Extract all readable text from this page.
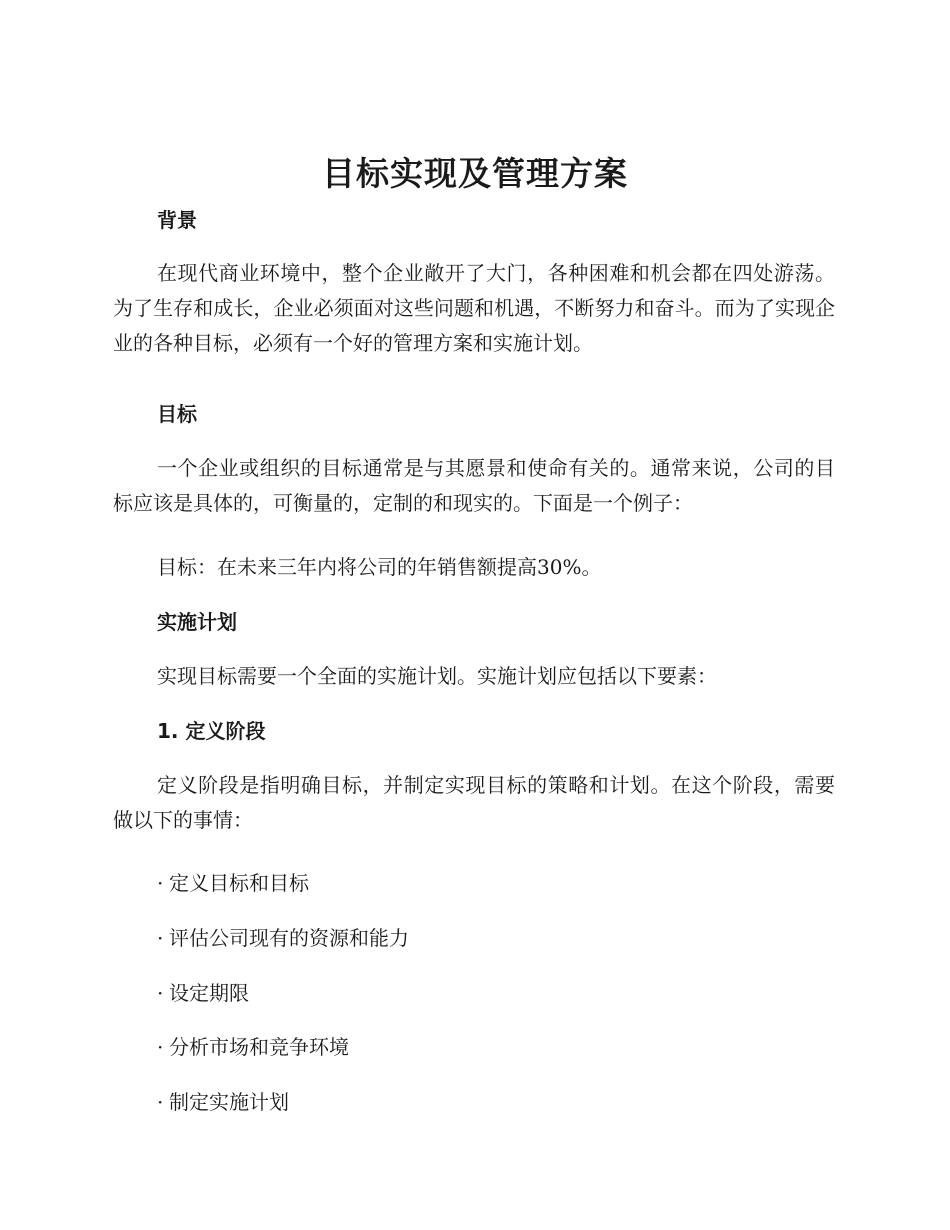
目标实现及管理方案
背景
在现代商业环境中，整个企业敞开了大门，各种困难和机会都在四处游荡。为了生存和成长，企业必须面对这些问题和机遇，不断努力和奋斗。而为了实现企业的各种目标，必须有一个好的管理方案和实施计划。
目标
一个企业或组织的目标通常是与其愿景和使命有关的。通常来说，公司的目标应该是具体的，可衡量的，定制的和现实的。下面是一个例子：
目标：在未来三年内将公司的年销售额提高30%。
实施计划
实现目标需要一个全面的实施计划。实施计划应包括以下要素：
1. 定义阶段
定义阶段是指明确目标，并制定实现目标的策略和计划。在这个阶段，需要做以下的事情：
· 定义目标和目标
· 评估公司现有的资源和能力
· 设定期限
· 分析市场和竞争环境
· 制定实施计划
